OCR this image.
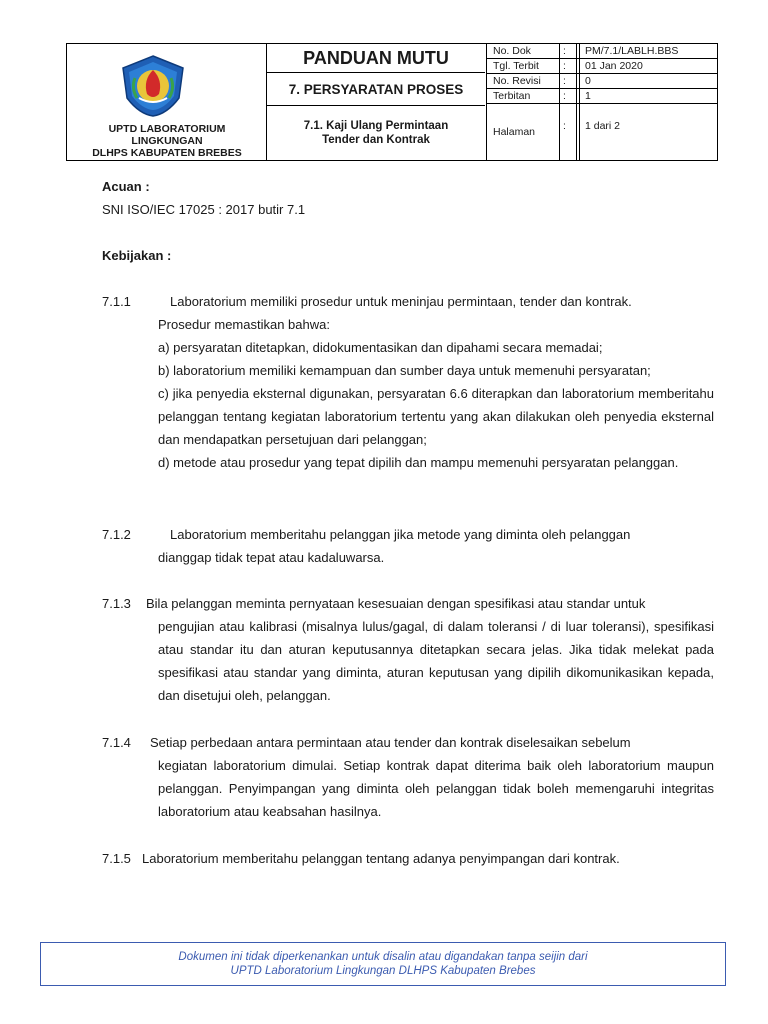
UPTD LABORATORIUM
LINGKUNGAN
DLHPS KABUPATEN BREBES
PANDUAN MUTU
7. PERSYARATAN PROSES
7.1. Kaji Ulang Permintaan
Tender dan Kontrak
No. Dok	: PM/7.1/LABLH.BBS
Tgl. Terbit : 01 Jan 2020
No. Revisi : 0
Terbitan	: 1
Halaman	: 1 dari 2
Acuan :
SNI ISO/IEC 17025 : 2017 butir 7.1
Kebijakan :
7.1.1	Laboratorium memiliki prosedur untuk meninjau permintaan, tender dan kontrak.
Prosedur memastikan bahwa:
a) persyaratan ditetapkan, didokumentasikan dan dipahami secara memadai;
b) laboratorium memiliki kemampuan dan sumber daya untuk memenuhi persyaratan;
c) jika penyedia eksternal digunakan, persyaratan 6.6 diterapkan dan laboratorium memberitahu pelanggan tentang kegiatan laboratorium tertentu yang akan dilakukan oleh penyedia eksternal dan mendapatkan persetujuan dari pelanggan;
d) metode atau prosedur yang tepat dipilih dan mampu memenuhi persyaratan pelanggan.
7.1.2	Laboratorium memberitahu pelanggan jika metode yang diminta oleh pelanggan
dianggap tidak tepat atau kadaluwarsa.
7.1.3	Bila pelanggan meminta pernyataan kesesuaian dengan spesifikasi atau standar untuk
pengujian atau kalibrasi (misalnya lulus/gagal, di dalam toleransi / di luar toleransi), spesifikasi atau standar itu dan aturan keputusannya ditetapkan secara jelas. Jika tidak melekat pada spesifikasi atau standar yang diminta, aturan keputusan yang dipilih dikomunikasikan kepada, dan disetujui oleh, pelanggan.
7.1.4	Setiap perbedaan antara permintaan atau tender dan kontrak diselesaikan sebelum
kegiatan laboratorium dimulai. Setiap kontrak dapat diterima baik oleh laboratorium maupun pelanggan. Penyimpangan yang diminta oleh pelanggan tidak boleh memengaruhi integritas laboratorium atau keabsahan hasilnya.
7.1.5 Laboratorium memberitahu pelanggan tentang adanya penyimpangan dari kontrak.
Dokumen ini tidak diperkenankan untuk disalin atau digandakan tanpa seijin dari
UPTD Laboratorium Lingkungan DLHPS Kabupaten Brebes
